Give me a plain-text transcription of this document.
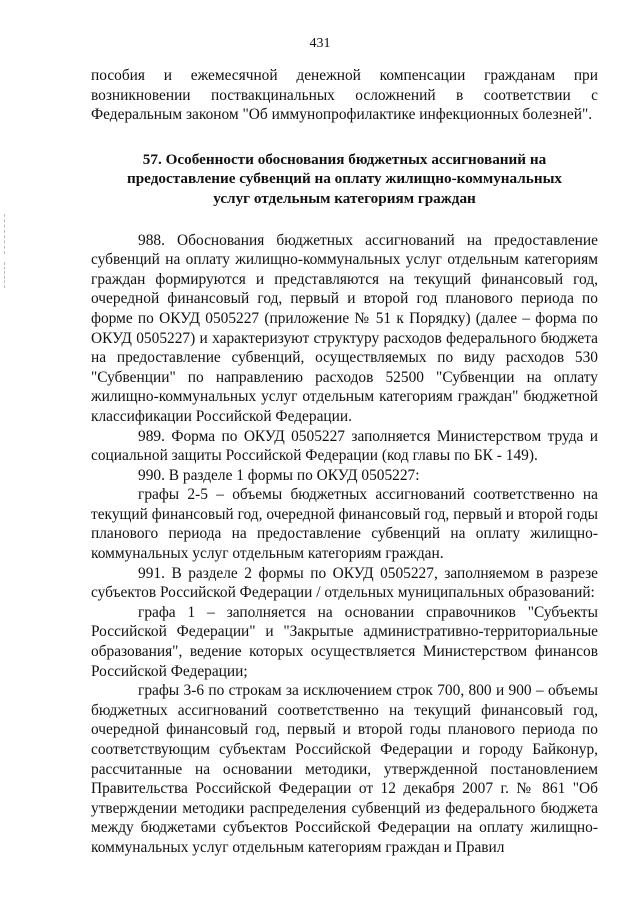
431

пособия и ежемесячной денежной компенсации гражданам при возникновении поствакцинальных осложнений в соответствии с Федеральным законом "Об иммунопрофилактике инфекционных болезней".

57. Особенности обоснования бюджетных ассигнований на предоставление субвенций на оплату жилищно-коммунальных услуг отдельным категориям граждан

988. Обоснования бюджетных ассигнований на предоставление субвенций на оплату жилищно-коммунальных услуг отдельным категориям граждан формируются и представляются на текущий финансовый год, очередной финансовый год, первый и второй год планового периода по форме по ОКУД 0505227 (приложение № 51 к Порядку) (далее – форма по ОКУД 0505227) и характеризуют структуру расходов федерального бюджета на предоставление субвенций, осуществляемых по виду расходов 530 "Субвенции" по направлению расходов 52500 "Субвенции на оплату жилищно-коммунальных услуг отдельным категориям граждан" бюджетной классификации Российской Федерации.

989. Форма по ОКУД 0505227 заполняется Министерством труда и социальной защиты Российской Федерации (код главы по БК - 149).

990. В разделе 1 формы по ОКУД 0505227:

графы 2-5 – объемы бюджетных ассигнований соответственно на текущий финансовый год, очередной финансовый год, первый и второй годы планового периода на предоставление субвенций на оплату жилищно-коммунальных услуг отдельным категориям граждан.

991. В разделе 2 формы по ОКУД 0505227, заполняемом в разрезе субъектов Российской Федерации / отдельных муниципальных образований:

графа 1 – заполняется на основании справочников "Субъекты Российской Федерации" и "Закрытые административно-территориальные образования", ведение которых осуществляется Министерством финансов Российской Федерации;

графы 3-6 по строкам за исключением строк 700, 800 и 900 – объемы бюджетных ассигнований соответственно на текущий финансовый год, очередной финансовый год, первый и второй годы планового периода по соответствующим субъектам Российской Федерации и городу Байконур, рассчитанные на основании методики, утвержденной постановлением Правительства Российской Федерации от 12 декабря 2007 г. № 861 "Об утверждении методики распределения субвенций из федерального бюджета между бюджетами субъектов Российской Федерации на оплату жилищно-коммунальных услуг отдельным категориям граждан и Правил
